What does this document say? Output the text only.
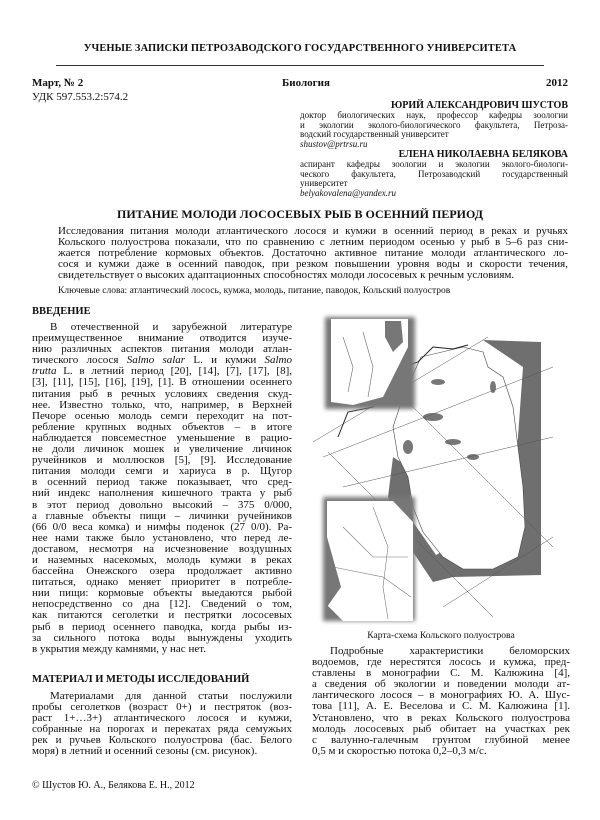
УЧЕНЫЕ ЗАПИСКИ ПЕТРОЗАВОДСКОГО ГОСУДАРСТВЕННОГО УНИВЕРСИТЕТА
Март, № 2	Биология	2012
УДК 597.553.2:574.2
ЮРИЙ АЛЕКСАНДРОВИЧ ШУСТОВ
доктор биологических наук, профессор кафедры зоологии
и экологии эколого-биологического факультета, Петроза-
водский государственный университет
shustov@prtrsu.ru
ЕЛЕНА НИКОЛАЕВНА БЕЛЯКОВА
аспирант кафедры зоологии и экологии эколого-биологи-
ческого факультета, Петрозаводский государственный
университет
belyakovalena@yandex.ru
ПИТАНИЕ МОЛОДИ ЛОСОСЕВЫХ РЫБ В ОСЕННИЙ ПЕРИОД
Исследования питания молоди атлантического лосося и кумжи в осенний период в реках и ручьях
Кольского полуострова показали, что по сравнению с летним периодом осенью у рыб в 5–6 раз сни-
жается потребление кормовых объектов. Достаточно активное питание молоди атлантического ло-
сося и кумжи даже в осенний паводок, при резком повышении уровня воды и скорости течения,
свидетельствует о высоких адаптационных способностях молоди лососевых к речным условиям.
Ключевые слова: атлантический лосось, кумжа, молодь, питание, паводок, Кольский полуостров
ВВЕДЕНИЕ
В отечественной и зарубежной литературе
преимущественное внимание отводится изуче-
нию различных аспектов питания молоди атлан-
тического лосося Salmo salar L. и кумжи Salmo
trutta L. в летний период [20], [14], [7], [17], [8],
[3], [11], [15], [16], [19], [1]. В отношении осеннего
питания рыб в речных условиях сведения скуд-
нее. Известно только, что, например, в Верхней
Печоре осенью молодь семги переходит на пот-
ребление крупных водных объектов – в итоге
наблюдается повсеместное уменьшение в рацио-
не доли личинок мошек и увеличение личинок
ручейников и моллюсков [5], [9]. Исследование
питания молоди семги и хариуса в р. Щугор
в осенний период также показывает, что сред-
ний индекс наполнения кишечного тракта у рыб
в этот период довольно высокий – 375 0/000,
а главные объекты пищи – личинки ручейников
(66 0/0 веса комка) и нимфы поденок (27 0/0). Ра-
нее нами также было установлено, что перед ле-
доставом, несмотря на исчезновение воздушных
и наземных насекомых, молодь кумжи в реках
бассейна Онежского озера продолжает активно
питаться, однако меняет приоритет в потребле-
нии пищи: кормовые объекты выедаются рыбой
непосредственно со дна [12]. Сведений о том,
как питаются сеголетки и пестрятки лососевых
рыб в период осеннего паводка, когда рыбы из-
за сильного потока воды вынуждены уходить
в укрытия между камнями, у нас нет.
МАТЕРИАЛ И МЕТОДЫ ИССЛЕДОВАНИЙ
Материалами для данной статьи послужили
пробы сеголетков (возраст 0+) и пестряток (воз-
раст 1+…3+) атлантического лосося и кумжи,
собранные на порогах и перекатах ряда семужьих
рек и ручьев Кольского полуострова (бас. Белого
моря) в летний и осенний сезоны (см. рисунок).
© Шустов Ю. А., Белякова Е. Н., 2012
Карта-схема Кольского полуострова
Подробные характеристики беломорских
водоемов, где нерестятся лосось и кумжа, пред-
ставлены в монографии С. М. Калюжина [4],
а сведения об экологии и поведении молоди ат-
лантического лосося – в монографиях Ю. А. Шус-
това [11], А. Е. Веселова и С. М. Калюжина [1].
Установлено, что в реках Кольского полуострова
молодь лососевых рыб обитает на участках рек
с валунно-галечным грунтом глубиной менее
0,5 м и скоростью потока 0,2–0,3 м/с.
